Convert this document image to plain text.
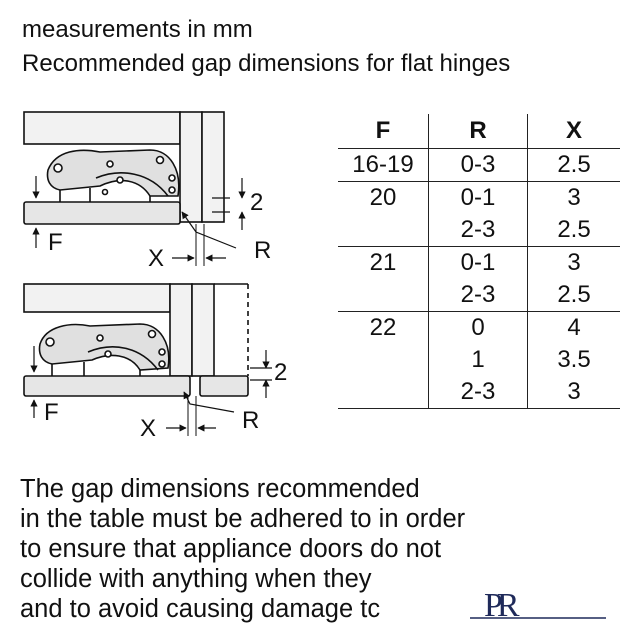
measurements in mm
Recommended gap dimensions for flat hinges
2
F
X	R
2
F
X	R
F	R	X
16-19	0-3	2.5
20	0-1	3
	2-3	2.5
21	0-1	3
	2-3	2.5
22	0	4
	1	3.5
	2-3	3
The gap dimensions recommended
in the table must be adhered to in order
to ensure that appliance doors do not
collide with anything when they
and to avoid causing damage tc	PR
